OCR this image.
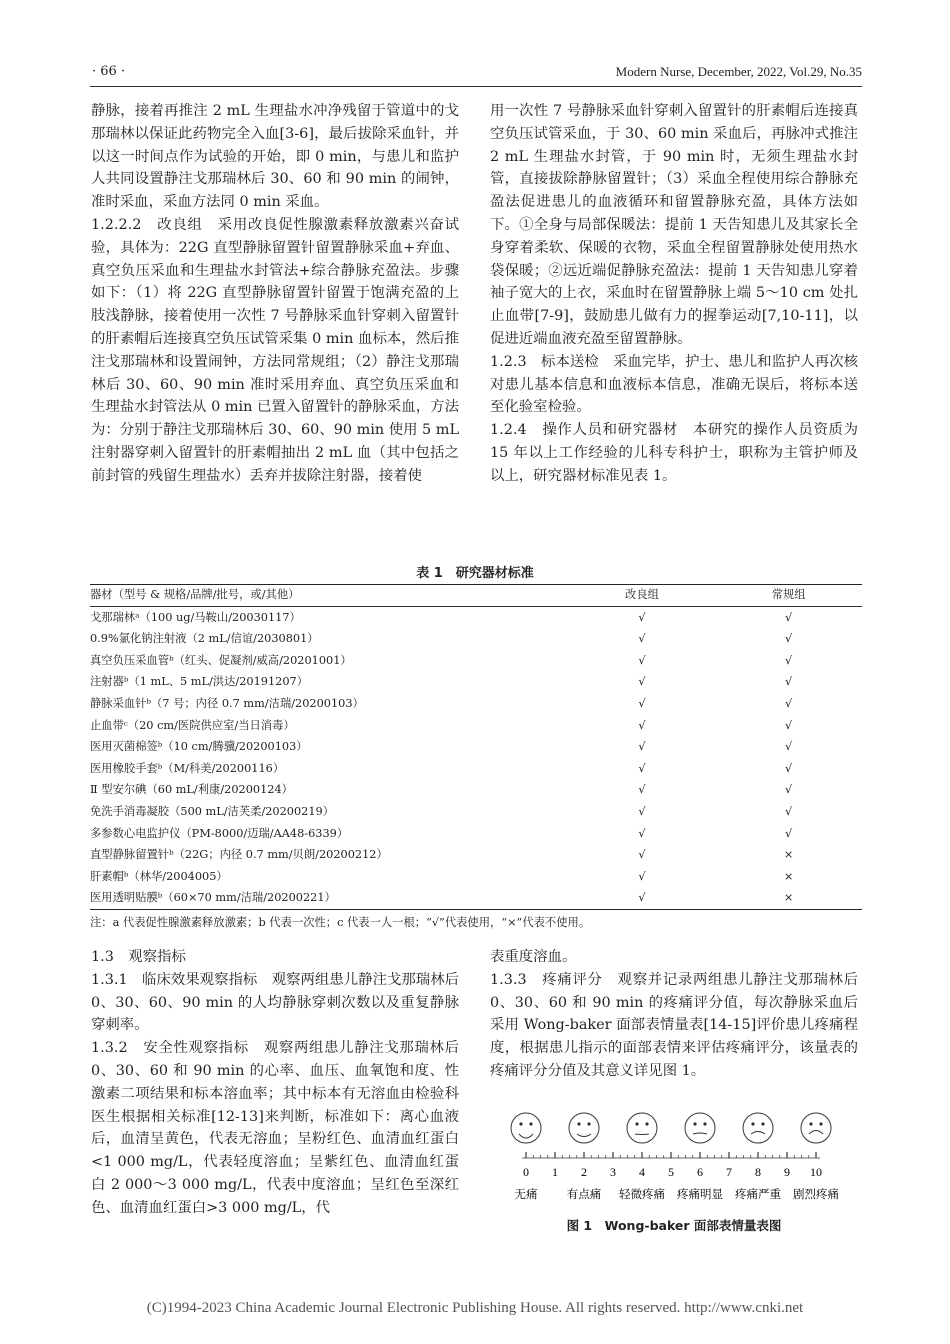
· 66 ·	Modern Nurse, December, 2022, Vol.29, No.35

静脉，接着再推注 2 mL 生理盐水冲净残留于管道中的戈那瑞林以保证此药物完全入血[3-6]，最后拔除采血针，并以这一时间点作为试验的开始，即 0 min，与患儿和监护人共同设置静注戈那瑞林后 30、60 和 90 min 的闹钟，准时采血，采血方法同 0 min 采血。

1.2.2.2　改良组　采用改良促性腺激素释放激素兴奋试验，具体为：22G 直型静脉留置针留置静脉采血+弃血、真空负压采血和生理盐水封管法+综合静脉充盈法。步骤如下：（1）将 22G 直型静脉留置针留置于饱满充盈的上肢浅静脉，接着使用一次性 7 号静脉采血针穿刺入留置针的肝素帽后连接真空负压试管采集 0 min 血标本，然后推注戈那瑞林和设置闹钟，方法同常规组；（2）静注戈那瑞林后 30、60、90 min 准时采用弃血、真空负压采血和生理盐水封管法从 0 min 已置入留置针的静脉采血，方法为：分别于静注戈那瑞林后 30、60、90 min 使用 5 mL 注射器穿刺入留置针的肝素帽抽出 2 mL 血（其中包括之前封管的残留生理盐水）丢弃并拔除注射器，接着使

用一次性 7 号静脉采血针穿刺入留置针的肝素帽后连接真空负压试管采血，于 30、60 min 采血后，再脉冲式推注 2 mL 生理盐水封管，于 90 min 时，无须生理盐水封管，直接拔除静脉留置针；（3）采血全程使用综合静脉充盈法促进患儿的血液循环和留置静脉充盈，具体方法如下。①全身与局部保暖法：提前 1 天告知患儿及其家长全身穿着柔软、保暖的衣物，采血全程留置静脉处使用热水袋保暖；②远近端促静脉充盈法：提前 1 天告知患儿穿着袖子宽大的上衣，采血时在留置静脉上端 5～10 cm 处扎止血带[7-9]，鼓励患儿做有力的握拳运动[7,10-11]，以促进近端血液充盈至留置静脉。

1.2.3　标本送检　采血完毕，护士、患儿和监护人再次核对患儿基本信息和血液标本信息，准确无误后，将标本送至化验室检验。

1.2.4　操作人员和研究器材　本研究的操作人员资质为 15 年以上工作经验的儿科专科护士，职称为主管护师及以上，研究器材标准见表 1。

表 1　研究器材标准
器材（型号 & 规格/品牌/批号，或/其他）	改良组	常规组
戈那瑞林ᵃ（100 ug/马鞍山/20030117）	√	√
0.9%氯化钠注射液（2 mL/信谊/2030801）	√	√
真空负压采血管ᵇ（红头、促凝剂/威高/20201001）	√	√
注射器ᵇ（1 mL、5 mL/洪达/20191207）	√	√
静脉采血针ᵇ（7 号；内径 0.7 mm/洁瑞/20200103）	√	√
止血带ᶜ（20 cm/医院供应室/当日消毒）	√	√
医用灭菌棉签ᵇ（10 cm/腾骥/20200103）	√	√
医用橡胶手套ᵇ（M/科美/20200116）	√	√
Ⅱ 型安尔碘（60 mL/利康/20200124）	√	√
免洗手消毒凝胶（500 mL/洁芙柔/20200219）	√	√
多参数心电监护仪（PM-8000/迈瑞/AA48-6339）	√	√
直型静脉留置针ᵇ（22G；内径 0.7 mm/贝朗/20200212）	√	×
肝素帽ᵇ（林华/2004005）	√	×
医用透明贴膜ᵇ（60×70 mm/洁瑞/20200221）	√	×
注：a 代表促性腺激素释放激素；b 代表一次性；c 代表一人一根；“√”代表使用，“×”代表不使用。

1.3　观察指标

1.3.1　临床效果观察指标　观察两组患儿静注戈那瑞林后 0、30、60、90 min 的人均静脉穿刺次数以及重复静脉穿刺率。

1.3.2　安全性观察指标　观察两组患儿静注戈那瑞林后 0、30、60 和 90 min 的心率、血压、血氧饱和度、性激素二项结果和标本溶血率；其中标本有无溶血由检验科医生根据相关标准[12-13]来判断，标准如下：离心血液后，血清呈黄色，代表无溶血；呈粉红色、血清血红蛋白<1 000 mg/L，代表轻度溶血；呈紫红色、血清血红蛋白 2 000～3 000 mg/L，代表中度溶血；呈红色至深红色、血清血红蛋白>3 000 mg/L，代

表重度溶血。

1.3.3　疼痛评分　观察并记录两组患儿静注戈那瑞林后 0、30、60 和 90 min 的疼痛评分值，每次静脉采血后采用 Wong-baker 面部表情量表[14-15]评价患儿疼痛程度，根据患儿指示的面部表情来评估疼痛评分，该量表的疼痛评分分值及其意义详见图 1。

0 1 2 3 4 5 6 7 8 9 10
无痛	有点痛 轻微疼痛 疼痛明显 疼痛严重 剧烈疼痛
图 1　Wong-baker 面部表情量表图
(C)1994-2023 China Academic Journal Electronic Publishing House. All rights reserved. http://www.cnki.net
